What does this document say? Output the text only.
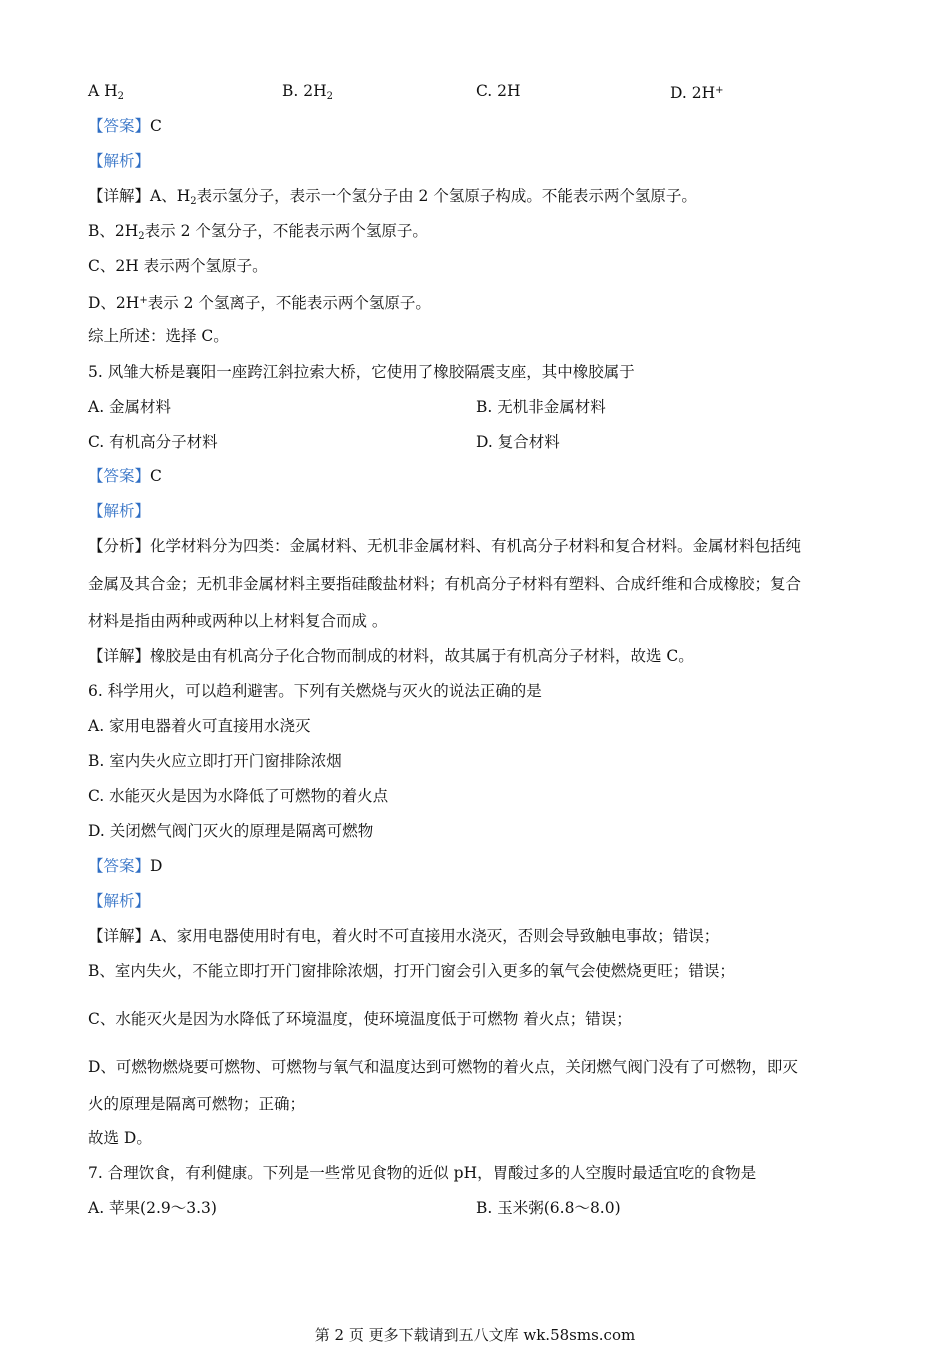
A $H_2$	B. $2H_2$	C. 2H	D. 2H+
【答案】C
【解析】
【详解】A、$H_2$表示氢分子，表示一个氢分子由 2 个氢原子构成。不能表示两个氢原子。
B、$2H_2$表示 2 个氢分子，不能表示两个氢原子。
C、2H 表示两个氢原子。
D、2H+表示 2 个氢离子，不能表示两个氢原子。
综上所述：选择 C。
5. 风雏大桥是襄阳一座跨江斜拉索大桥，它使用了橡胶隔震支座，其中橡胶属于
A. 金属材料	B. 无机非金属材料
C. 有机高分子材料	D. 复合材料
【答案】C
【解析】
【分析】化学材料分为四类：金属材料、无机非金属材料、有机高分子材料和复合材料。金属材料包括纯
金属及其合金；无机非金属材料主要指硅酸盐材料；有机高分子材料有塑料、合成纤维和合成橡胶；复合
材料是指由两种或两种以上材料复合而成 。
【详解】橡胶是由有机高分子化合物而制成的材料，故其属于有机高分子材料，故选 C。
6. 科学用火，可以趋利避害。下列有关燃烧与灭火的说法正确的是
A. 家用电器着火可直接用水浇灭
B. 室内失火应立即打开门窗排除浓烟
C. 水能灭火是因为水降低了可燃物的着火点
D. 关闭燃气阀门灭火的原理是隔离可燃物
【答案】D
【解析】
【详解】A、家用电器使用时有电，着火时不可直接用水浇灭，否则会导致触电事故；错误；
B、室内失火，不能立即打开门窗排除浓烟，打开门窗会引入更多的氧气会使燃烧更旺；错误；
C、水能灭火是因为水降低了环境温度，使环境温度低于可燃物 着火点；错误；
D、可燃物燃烧要可燃物、可燃物与氧气和温度达到可燃物的着火点，关闭燃气阀门没有了可燃物，即灭
火的原理是隔离可燃物；正确；
故选 D。
7. 合理饮食，有利健康。下列是一些常见食物的近似 pH，胃酸过多的人空腹时最适宜吃的食物是
A. 苹果(2.9～3.3)	B. 玉米粥(6.8～8.0)
第 2 页 更多下载请到五八文库 wk.58sms.com
